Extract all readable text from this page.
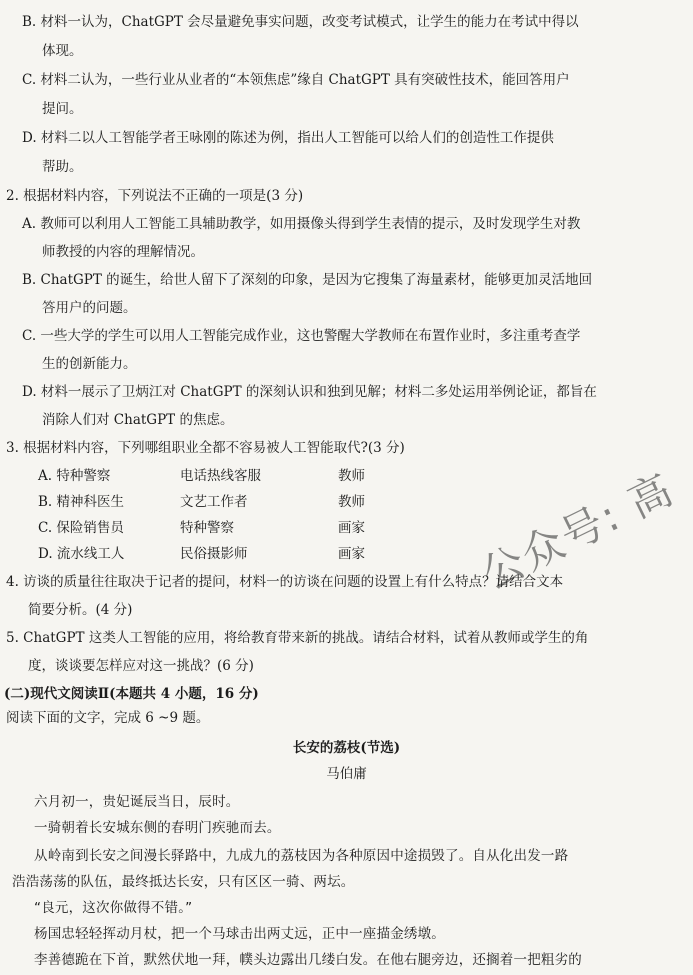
B. 材料一认为，ChatGPT 会尽量避免事实问题，改变考试模式，让学生的能力在考试中得以
体现。
C. 材料二认为，一些行业从业者的“本领焦虑”缘自 ChatGPT 具有突破性技术，能回答用户
提问。
D. 材料二以人工智能学者王咏刚的陈述为例，指出人工智能可以给人们的创造性工作提供
帮助。
2. 根据材料内容，下列说法不正确的一项是(3 分)
A. 教师可以利用人工智能工具辅助教学，如用摄像头得到学生表情的提示，及时发现学生对教
师教授的内容的理解情况。
B. ChatGPT 的诞生，给世人留下了深刻的印象，是因为它搜集了海量素材，能够更加灵活地回
答用户的问题。
C. 一些大学的学生可以用人工智能完成作业，这也警醒大学教师在布置作业时，多注重考查学
生的创新能力。
D. 材料一展示了卫炳江对 ChatGPT 的深刻认识和独到见解；材料二多处运用举例论证，都旨在
消除人们对 ChatGPT 的焦虑。
3. 根据材料内容，下列哪组职业全都不容易被人工智能取代?(3 分)
A. 特种警察	电话热线客服	教师
B. 精神科医生	文艺工作者	教师
C. 保险销售员	特种警察	画家
D. 流水线工人	民俗摄影师	画家
4. 访谈的质量往往取决于记者的提问，材料一的访谈在问题的设置上有什么特点？请结合文本
简要分析。(4 分)
5. ChatGPT 这类人工智能的应用，将给教育带来新的挑战。请结合材料，试着从教师或学生的角
度，谈谈要怎样应对这一挑战？(6 分)
(二)现代文阅读Ⅱ(本题共 4 小题，16 分)
阅读下面的文字，完成 6 ~9 题。
长安的荔枝(节选)
马伯庸
六月初一，贵妃诞辰当日，辰时。
一骑朝着长安城东侧的春明门疾驰而去。
从岭南到长安之间漫长驿路中，九成九的荔枝因为各种原因中途损毁了。自从化出发一路
浩浩荡荡的队伍，最终抵达长安，只有区区一骑、两坛。
“良元，这次你做得不错。”
杨国忠轻轻挥动月杖，把一个马球击出两丈远，正中一座描金绣墩。
李善德跪在下首，默然伏地一拜，幞头边露出几缕白发。在他右腿旁边，还搁着一把粗劣的
公众号: 高
